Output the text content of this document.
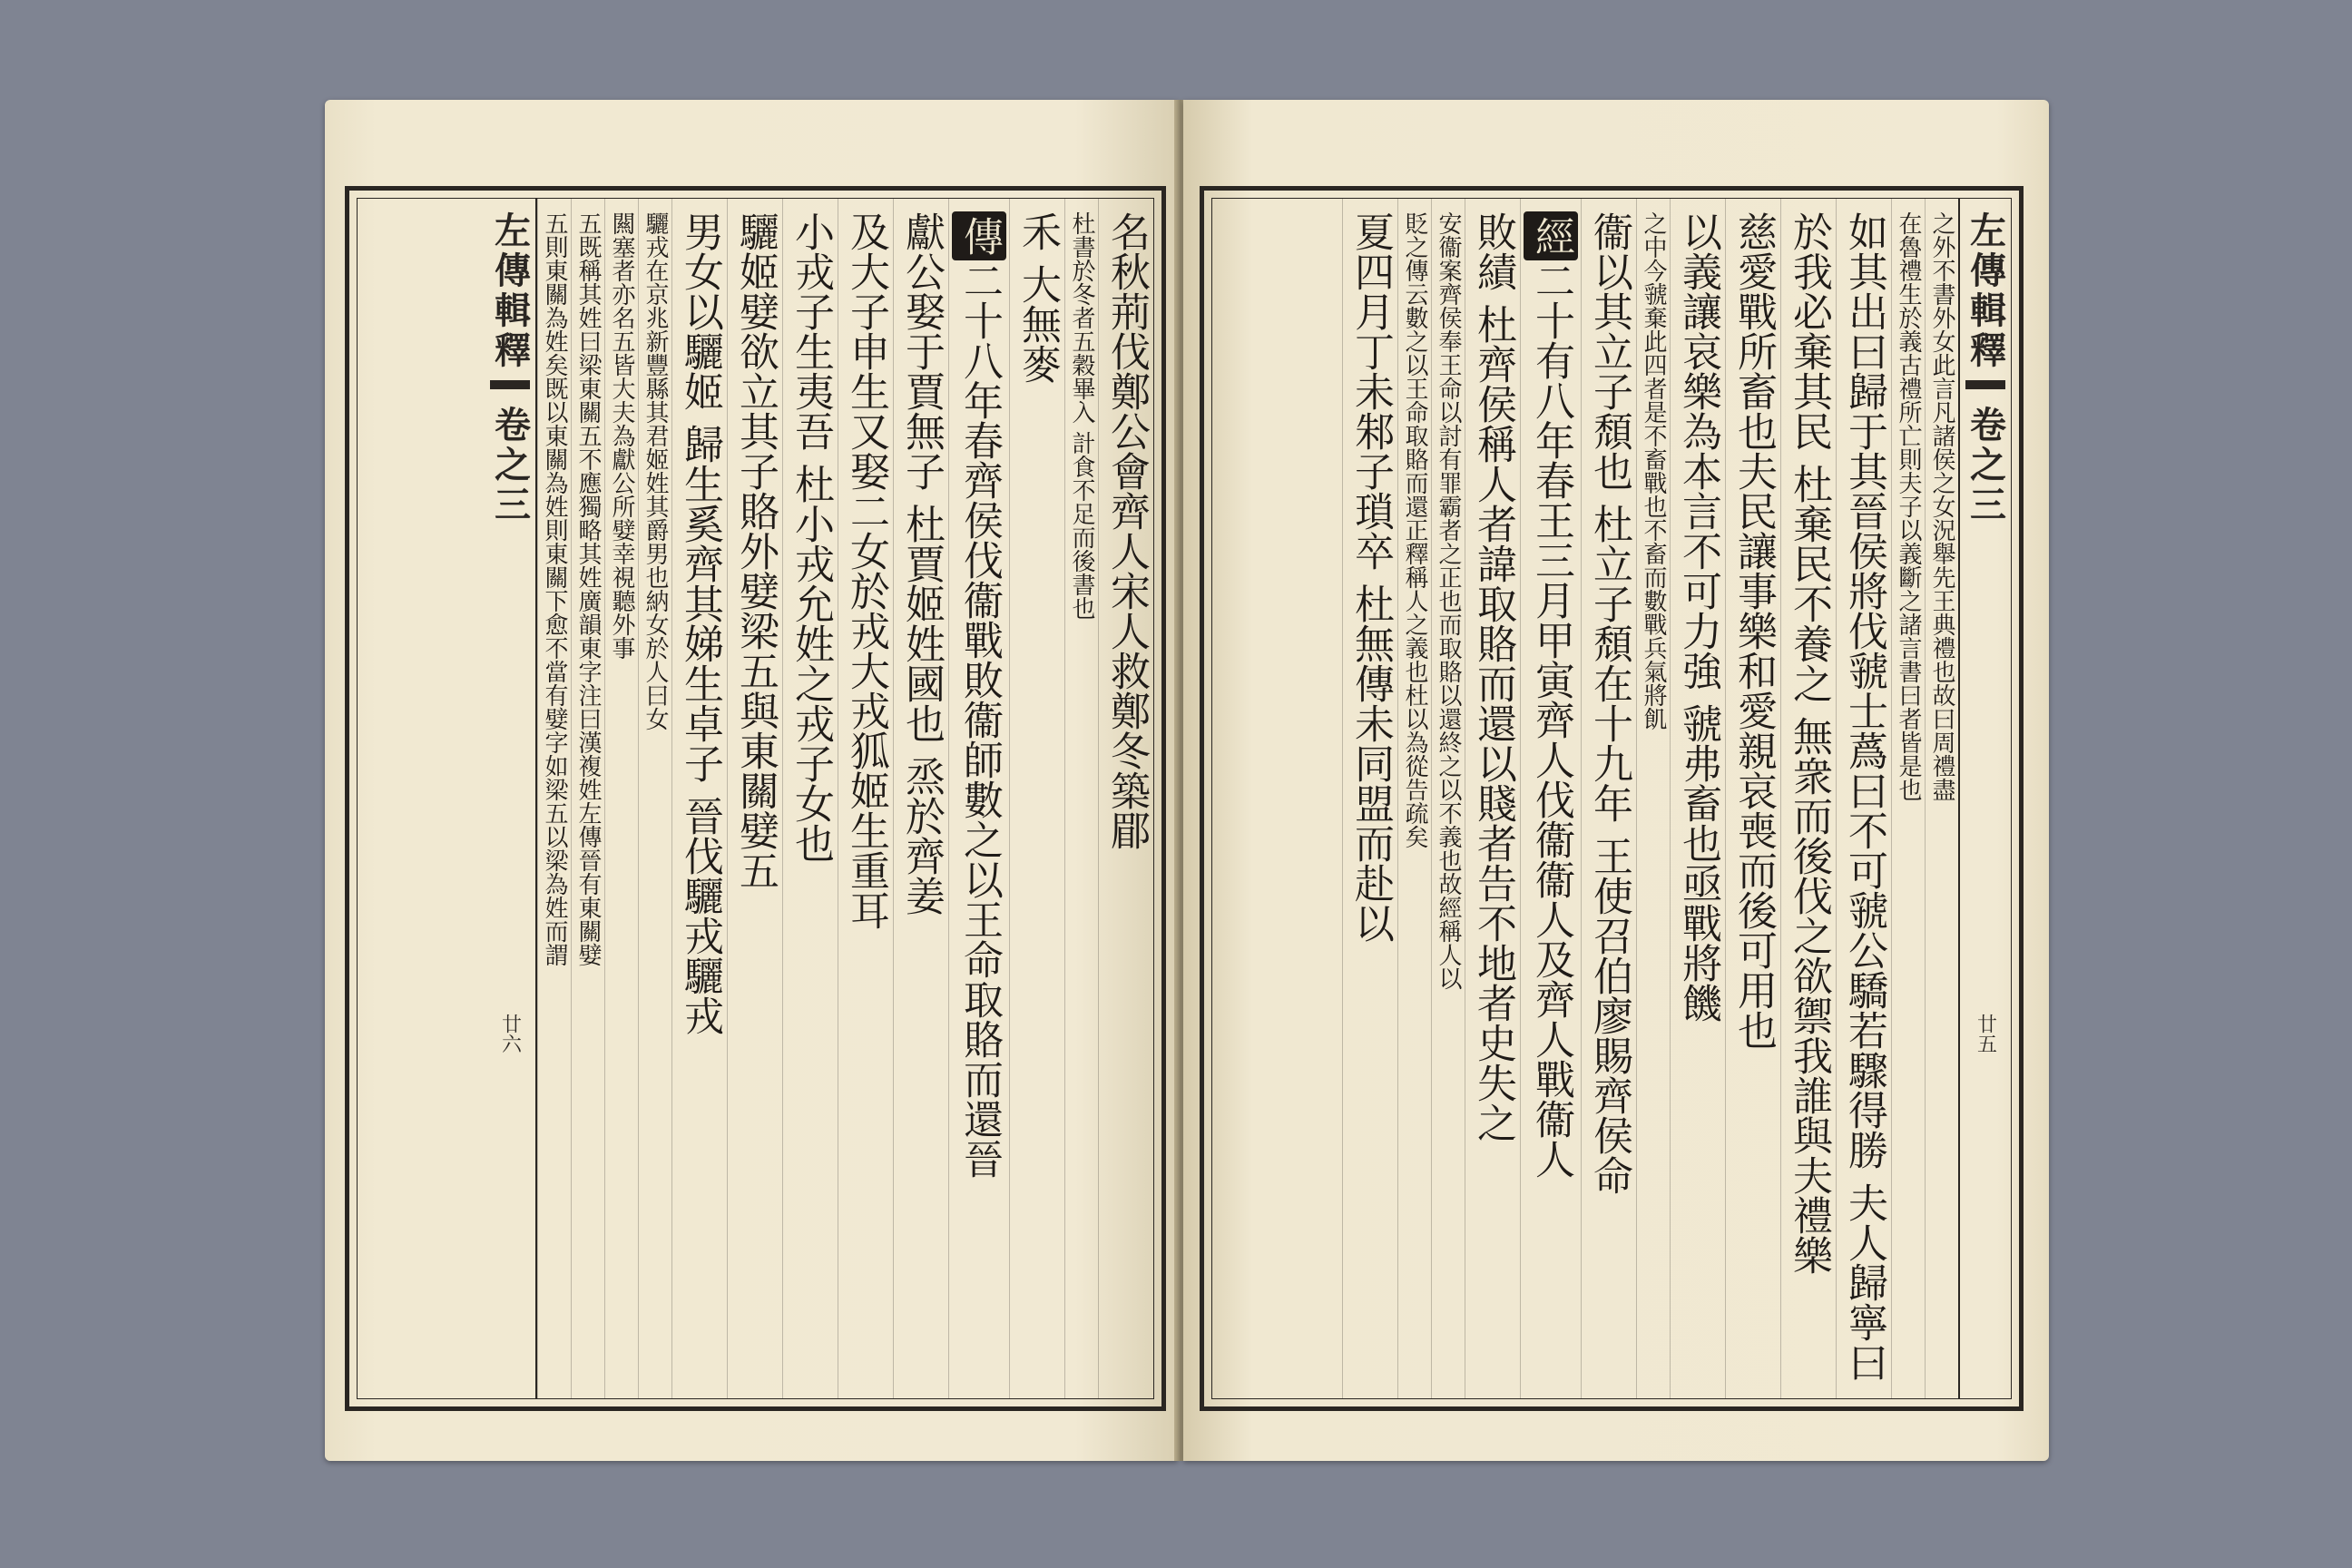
左傳輯釋
卷之三
廿六
名秋荊伐鄭公會齊人宋人救鄭冬築郿
杜書於冬者五穀畢入 計食不足而後書也
禾 大無麥
傳二十八年春齊侯伐衞戰敗衞師數之以王命取賂而還晉
獻公娶于賈無子 杜賈姬姓國也 烝於齊姜
及大子申生又娶二女於戎大戎狐姬生重耳
小戎子生夷吾 杜小戎允姓之戎子女也
驪姬嬖欲立其子賂外嬖梁五與東關嬖五
男女以驪姬 歸生奚齊其娣生卓子 晉伐驪戎驪戎
驪戎在京兆新豐縣其君姬姓其爵男也納女於人曰女
闗塞者亦名五皆大夫為獻公所嬖幸視聽外事
五既稱其姓曰梁東關五不應獨略其姓廣韻東字注曰漢複姓左傳晉有東關嬖
五則東關為姓矣既以東關為姓則東關下愈不當有嬖字如梁五以梁為姓而謂	左傳輯釋
卷之三
廿五
之外不書外女此言凡諸侯之女況舉先王典禮也故曰周禮盡
在魯禮生於義古禮所亡則夫子以義斷之諸言書曰者皆是也
如其出曰歸于其晉侯將伐虢士蔿曰不可虢公驕若驟得勝 夫人歸寧曰
於我必棄其民 杜棄民不養之 無衆而後伐之欲禦我誰與夫禮樂
慈愛戰所畜也夫民讓事樂和愛親哀喪而後可用也
以義讓哀樂為本言不可力強 虢弗畜也亟戰將饑
之中今虢棄此四者是不畜戰也不畜而數戰兵氣將飢
衞以其立子頹也 杜立子頹在十九年 王使召伯廖賜齊侯命
經二十有八年春王三月甲寅齊人伐衞衞人及齊人戰衞人
敗績 杜齊侯稱人者諱取賂而還以賤者告不地者史失之
安衞案齊侯奉王命以討有罪霸者之正也而取賂以還終之以不義也故經稱人以
貶之傳云數之以王命取賂而還正釋稱人之義也杜以為從告疏矣
夏四月丁未邾子瑣卒 杜無傳未同盟而赴以
